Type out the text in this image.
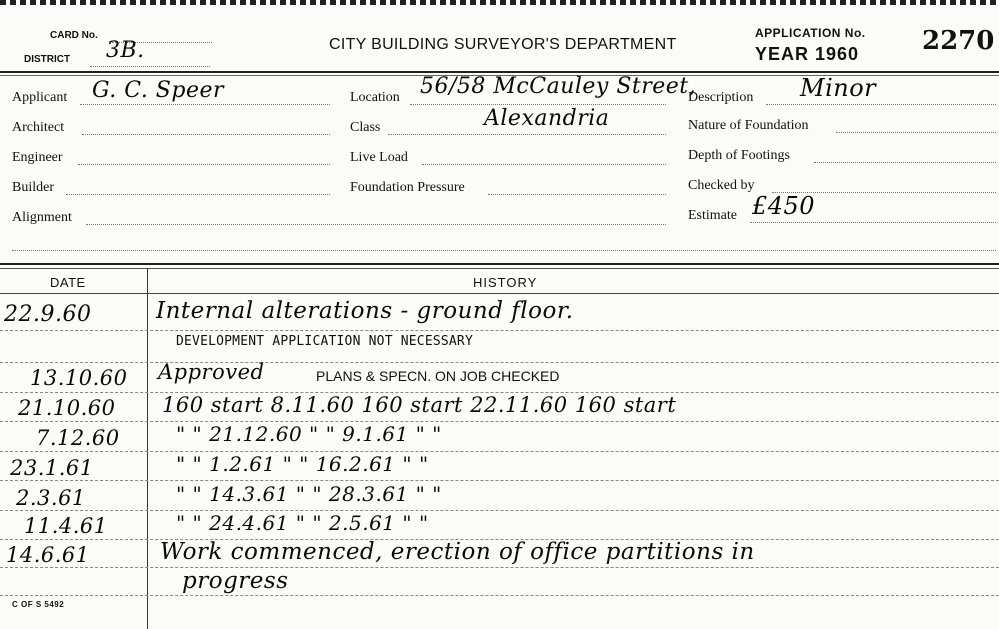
CARD No.
DISTRICT 3B.	CITY BUILDING SURVEYOR'S DEPARTMENT
APPLICATION No.
YEAR 1960 2270
Applicant G. C. Speer
Architect
Engineer
Builder
Alignment
Location 56/58 McCauley Street,
Class	Alexandria
Live Load
Foundation Pressure
Description Minor
Nature of Foundation
Depth of Footings
Checked by
Estimate £450
DATE	HISTORY
22.9.60	Internal alterations - ground floor.
DEVELOPMENT APPLICATION NOT NECESSARY
13.10.60 Approved	PLANS & SPECN. ON JOB CHECKED
21.10.60 160 start 8.11.60 160 start 22.11.60 160 start
7.12.60	" " 21.12.60 " " 9.1.61 " "
23.1.61	" " 1.2.61 " " 16.2.61 " "
2.3.61	" " 14.3.61 " " 28.3.61 " "
11.4.61	" " 24.4.61 " " 2.5.61 " "
14.6.61	Work commenced, erection of office partitions in
progress
C OF S 5492
